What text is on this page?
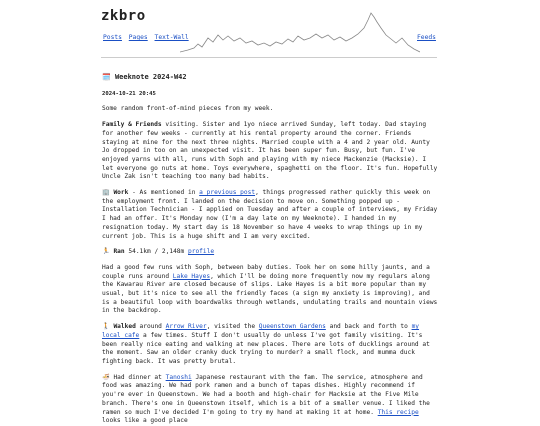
zkbro
Posts Pages Text-Wall	Feeds
🗓️ Weeknote 2024-W42
2024-10-21 20:45

Some random front-of-mind pieces from my week.

Family & Friends visiting. Sister and 1yo niece arrived Sunday, left today. Dad staying for another few weeks - currently at his rental property around the corner. Friends staying at mine for the next three nights. Married couple with a 4 and 2 year old. Aunty Jo dropped in too on an unexpected visit. It has been super fun. Busy, but fun. I've enjoyed yarns with all, runs with Soph and playing with my niece Mackenzie (Macksie). I let everyone go nuts at home. Toys everywhere, spaghetti on the floor. It's fun. Hopefully Uncle Zak isn't teaching too many bad habits.

🏢 Work - As mentioned in a previous post, things progressed rather quickly this week on the employment front. I landed on the decision to move on. Something popped up - Installation Technician - I applied on Tuesday and after a couple of interviews, my Friday I had an offer. It's Monday now (I'm a day late on my Weeknote). I handed in my resignation today. My start day is 18 November so have 4 weeks to wrap things up in my current job. This is a huge shift and I am very excited.

🏃 Ran 54.1km / 2,148m profile

Had a good few runs with Soph, between baby duties. Took her on some hilly jaunts, and a couple runs around Lake Hayes, which I'll be doing more frequently now my regulars along the Kawarau River are closed because of slips. Lake Hayes is a bit more popular than my usual, but it's nice to see all the friendly faces (a sign my anxiety is improving), and is a beautiful loop with boardwalks through wetlands, undulating trails and mountain views in the backdrop.

🚶 Walked around Arrow River, visited the Queenstown Gardens and back and forth to my local cafe a few times. Stuff I don't usually do unless I've got family visiting. It's been really nice eating and walking at new places. There are lots of ducklings around at the moment. Saw an older cranky duck trying to murder? a small flock, and mumma duck fighting back. It was pretty brutal.

🍜 Had dinner at Tanoshi Japanese restaurant with the fam. The service, atmosphere and food was amazing. We had pork ramen and a bunch of tapas dishes. Highly recommend if you're ever in Queenstown. We had a booth and high-chair for Macksie at the Five Mile branch. There's one in Queenstown itself, which is a bit of a smaller venue. I liked the ramen so much I've decided I'm going to try my hand at making it at home. This recipe looks like a good place
